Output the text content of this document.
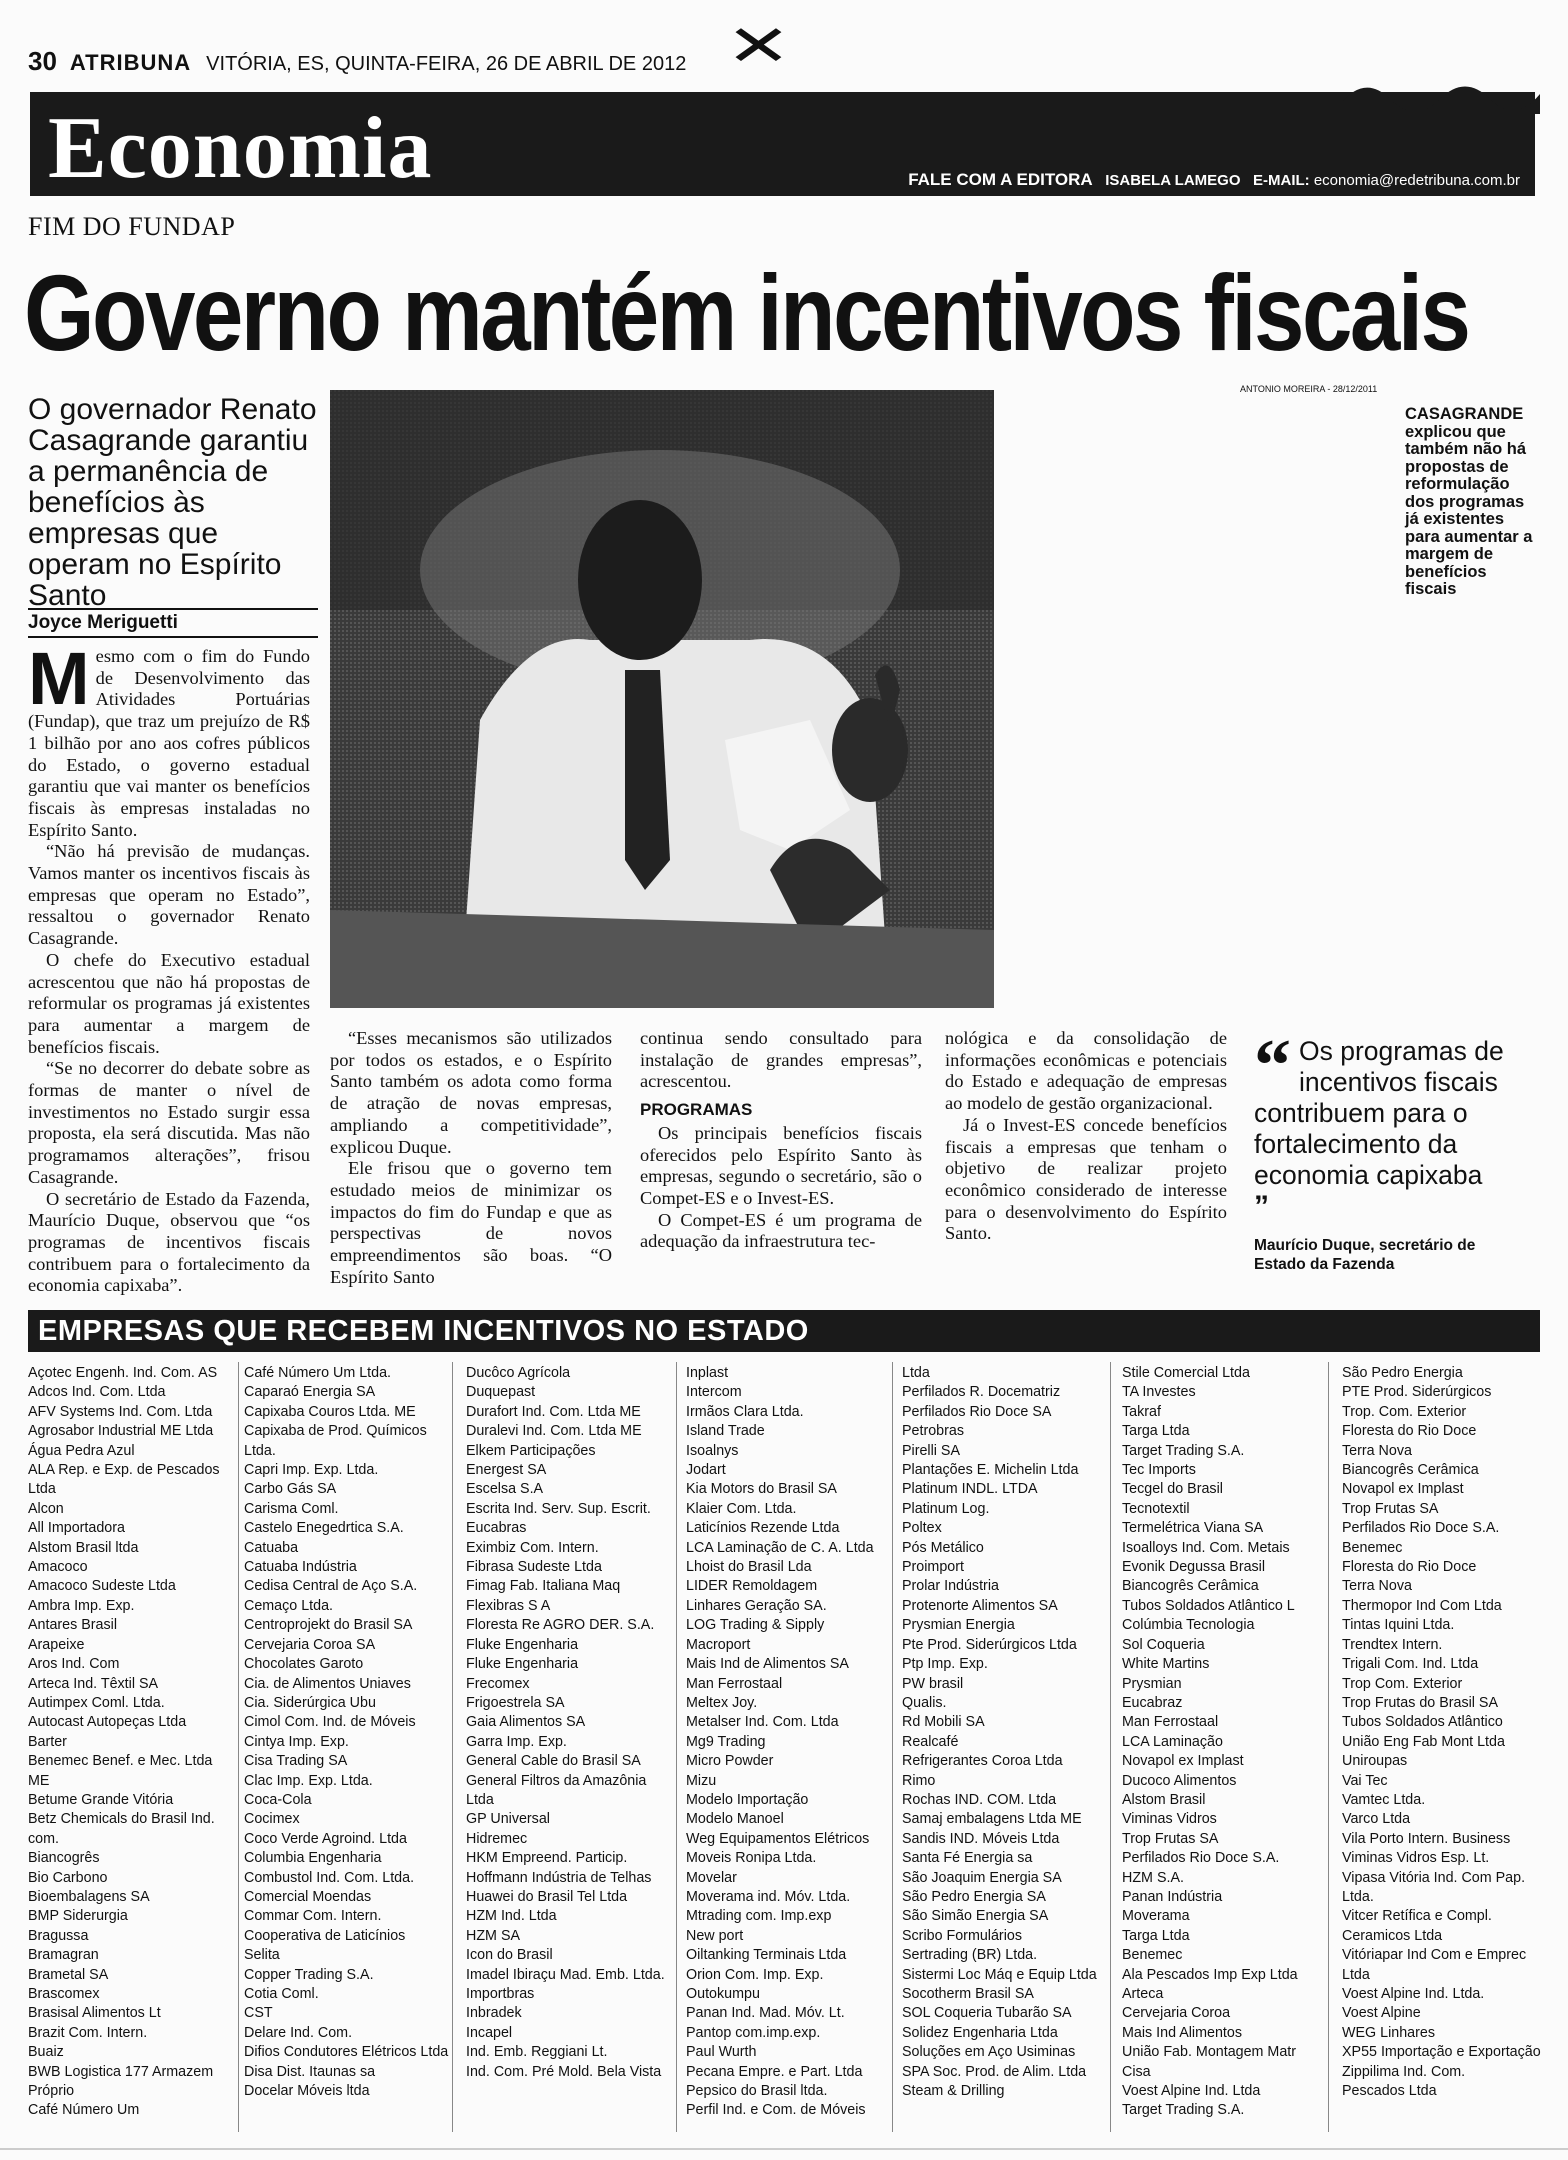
✕
30 ATRIBUNA VITÓRIA, ES, QUINTA-FEIRA, 26 DE ABRIL DE 2012
Economia	FALE COM A EDITORA ISABELA LAMEGO E-MAIL: economia@redetribuna.com.br
FIM DO FUNDAP
Governo mantém incentivos fiscais
O governador Renato Casagrande garantiu a permanência de benefícios às empresas que operam no Espírito Santo
Joyce Meriguetti

Mesmo com o fim do Fundo de Desenvolvimento das Atividades Portuárias (Fundap), que traz um prejuízo de R$ 1 bilhão por ano aos cofres públicos do Estado, o governo estadual garantiu que vai manter os benefícios fiscais às empresas instaladas no Espírito Santo.

“Não há previsão de mudanças. Vamos manter os incentivos fiscais às empresas que operam no Estado”, ressaltou o governador Renato Casagrande.

O chefe do Executivo estadual acrescentou que não há propostas de reformular os programas já existentes para aumentar a margem de benefícios fiscais.

“Se no decorrer do debate sobre as formas de manter o nível de investimentos no Estado surgir essa proposta, ela será discutida. Mas não programamos alterações”, frisou Casagrande.

O secretário de Estado da Fazenda, Maurício Duque, observou que “os programas de incentivos fiscais contribuem para o fortalecimento da economia capixaba”.

ANTONIO MOREIRA - 28/12/2011
CASAGRANDE
explicou que também não há propostas de reformulação dos programas já existentes para aumentar a margem de benefícios fiscais

“Esses mecanismos são utilizados por todos os estados, e o Espírito Santo também os adota como forma de atração de novas empresas, ampliando a competitividade”, explicou Duque.

Ele frisou que o governo tem estudado meios de minimizar os impactos do fim do Fundap e que as perspectivas de novos empreendimentos são boas. “O Espírito Santo

continua sendo consultado para instalação de grandes empresas”, acrescentou.

PROGRAMAS

Os principais benefícios fiscais oferecidos pelo Espírito Santo às empresas, segundo o secretário, são o Compet-ES e o Invest-ES.

O Compet-ES é um programa de adequação da infraestrutura tec-

nológica e da consolidação de informações econômicas e potenciais do Estado e adequação de empresas ao modelo de gestão organizacional.

Já o Invest-ES concede benefícios fiscais a empresas que tenham o objetivo de realizar projeto econômico considerado de interesse para o desenvolvimento do Espírito Santo.

“ Os programas de incentivos fiscais contribuem para o fortalecimento da economia capixaba ”
Maurício Duque, secretário de Estado da Fazenda
EMPRESAS QUE RECEBEM INCENTIVOS NO ESTADO
Açotec Engenh. Ind. Com. AS
Adcos Ind. Com. Ltda
AFV Systems Ind. Com. Ltda
Agrosabor Industrial ME Ltda
Água Pedra Azul
ALA Rep. e Exp. de Pescados Ltda
Alcon
All Importadora
Alstom Brasil ltda
Amacoco
Amacoco Sudeste Ltda
Ambra Imp. Exp.
Antares Brasil
Arapeixe
Aros Ind. Com
Arteca Ind. Têxtil SA
Autimpex Coml. Ltda.
Autocast Autopeças Ltda
Barter
Benemec Benef. e Mec. Ltda ME
Betume Grande Vitória
Betz Chemicals do Brasil Ind. com.
Biancogrês
Bio Carbono
Bioembalagens SA
BMP Siderurgia
Bragussa
Bramagran
Brametal SA
Brascomex
Brasisal Alimentos Lt
Brazit Com. Intern.
Buaiz
BWB Logistica 177 Armazem Próprio
Café Número Um
Café Número Um Ltda.
Caparaó Energia SA
Capixaba Couros Ltda. ME
Capixaba de Prod. Químicos Ltda.
Capri Imp. Exp. Ltda.
Carbo Gás SA
Carisma Coml.
Castelo Enegedrtica S.A.
Catuaba
Catuaba Indústria
Cedisa Central de Aço S.A.
Cemaço Ltda.
Centroprojekt do Brasil SA
Cervejaria Coroa SA
Chocolates Garoto
Cia. de Alimentos Uniaves
Cia. Siderúrgica Ubu
Cimol Com. Ind. de Móveis
Cintya Imp. Exp.
Cisa Trading SA
Clac Imp. Exp. Ltda.
Coca-Cola
Cocimex
Coco Verde Agroind. Ltda
Columbia Engenharia
Combustol Ind. Com. Ltda.
Comercial Moendas
Commar Com. Intern.
Cooperativa de Laticínios
Selita
Copper Trading S.A.
Cotia Coml.
CST
Delare Ind. Com.
Difios Condutores Elétricos Ltda
Disa Dist. Itaunas sa
Docelar Móveis ltda
Ducôco Agrícola
Duquepast
Durafort Ind. Com. Ltda ME
Duralevi Ind. Com. Ltda ME
Elkem Participações
Energest SA
Escelsa S.A
Escrita Ind. Serv. Sup. Escrit.
Eucabras
Eximbiz Com. Intern.
Fibrasa Sudeste Ltda
Fimag Fab. Italiana Maq
Flexibras S A
Floresta Re AGRO DER. S.A.
Fluke Engenharia
Fluke Engenharia
Frecomex
Frigoestrela SA
Gaia Alimentos SA
Garra Imp. Exp.
General Cable do Brasil SA
General Filtros da Amazônia Ltda
GP Universal
Hidremec
HKM Empreend. Particip.
Hoffmann Indústria de Telhas
Huawei do Brasil Tel Ltda
HZM Ind. Ltda
HZM SA
Icon do Brasil
Imadel Ibiraçu Mad. Emb. Ltda.
Importbras
Inbradek
Incapel
Ind. Emb. Reggiani Lt.
Ind. Com. Pré Mold. Bela Vista
Inplast
Intercom
Irmãos Clara Ltda.
Island Trade
Isoalnys
Jodart
Kia Motors do Brasil SA
Klaier Com. Ltda.
Laticínios Rezende Ltda
LCA Laminação de C. A. Ltda
Lhoist do Brasil Lda
LIDER Remoldagem
Linhares Geração SA.
LOG Trading & Sipply
Macroport
Mais Ind de Alimentos SA
Man Ferrostaal
Meltex Joy.
Metalser Ind. Com. Ltda
Mg9 Trading
Micro Powder
Mizu
Modelo Importação
Modelo Manoel
Weg Equipamentos Elétricos
Moveis Ronipa Ltda.
Movelar
Moverama ind. Móv. Ltda.
Mtrading com. Imp.exp
New port
Oiltanking Terminais Ltda
Orion Com. Imp. Exp.
Outokumpu
Panan Ind. Mad. Móv. Lt.
Pantop com.imp.exp.
Paul Wurth
Pecana Empre. e Part. Ltda
Pepsico do Brasil ltda.
Perfil Ind. e Com. de Móveis
Ltda
Perfilados R. Docematriz
Perfilados Rio Doce SA
Petrobras
Pirelli SA
Plantações E. Michelin Ltda
Platinum INDL. LTDA
Platinum Log.
Poltex
Pós Metálico
Proimport
Prolar Indústria
Protenorte Alimentos SA
Prysmian Energia
Pte Prod. Siderúrgicos Ltda
Ptp Imp. Exp.
PW brasil
Qualis.
Rd Mobili SA
Realcafé
Refrigerantes Coroa Ltda
Rimo
Rochas IND. COM. Ltda
Samaj embalagens Ltda ME
Sandis IND. Móveis Ltda
Santa Fé Energia sa
São Joaquim Energia SA
São Pedro Energia SA
São Simão Energia SA
Scribo Formulários
Sertrading (BR) Ltda.
Sistermi Loc Máq e Equip Ltda
Socotherm Brasil SA
SOL Coqueria Tubarão SA
Solidez Engenharia Ltda
Soluções em Aço Usiminas
SPA Soc. Prod. de Alim. Ltda
Steam & Drilling
Stile Comercial Ltda
TA Investes
Takraf
Targa Ltda
Target Trading S.A.
Tec Imports
Tecgel do Brasil
Tecnotextil
Termelétrica Viana SA
Isoalloys Ind. Com. Metais
Evonik Degussa Brasil
Biancogrês Cerâmica
Tubos Soldados Atlântico L
Colúmbia Tecnologia
Sol Coqueria
White Martins
Prysmian
Eucabraz
Man Ferrostaal
LCA Laminação
Novapol ex Implast
Ducoco Alimentos
Alstom Brasil
Viminas Vidros
Trop Frutas SA
Perfilados Rio Doce S.A.
HZM S.A.
Panan Indústria
Moverama
Targa Ltda
Benemec
Ala Pescados Imp Exp Ltda
Arteca
Cervejaria Coroa
Mais Ind Alimentos
União Fab. Montagem Matr
Cisa
Voest Alpine Ind. Ltda
Target Trading S.A.
São Pedro Energia
PTE Prod. Siderúrgicos
Trop. Com. Exterior
Floresta do Rio Doce
Terra Nova
Biancogrês Cerâmica
Novapol ex Implast
Trop Frutas SA
Perfilados Rio Doce S.A.
Benemec
Floresta do Rio Doce
Terra Nova
Thermopor Ind Com Ltda
Tintas Iquini Ltda.
Trendtex Intern.
Trigali Com. Ind. Ltda
Trop Com. Exterior
Trop Frutas do Brasil SA
Tubos Soldados Atlântico
União Eng Fab Mont Ltda
Uniroupas
Vai Tec
Vamtec Ltda.
Varco Ltda
Vila Porto Intern. Business
Viminas Vidros Esp. Lt.
Vipasa Vitória Ind. Com Pap. Ltda.
Vitcer Retífica e Compl.
Ceramicos Ltda
Vitóriapar Ind Com e Emprec Ltda
Voest Alpine Ind. Ltda.
Voest Alpine
WEG Linhares
XP55 Importação e Exportação
Zippilima Ind. Com.
Pescados Ltda
